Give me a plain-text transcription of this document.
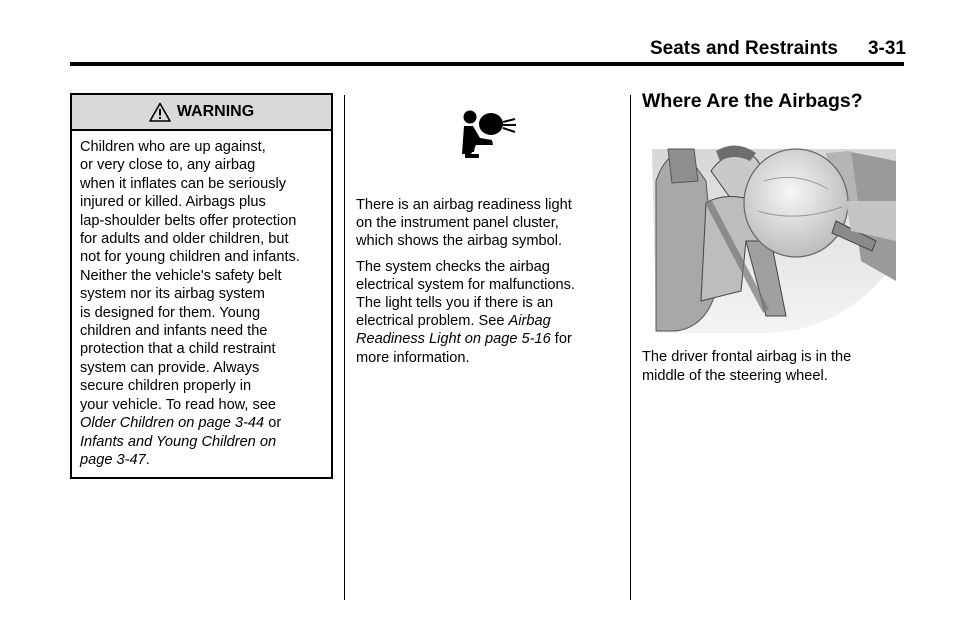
Seats and Restraints 3-31
WARNING
Children who are up against,
or very close to, any airbag
when it inflates can be seriously
injured or killed. Airbags plus
lap-shoulder belts offer protection
for adults and older children, but
not for young children and infants.
Neither the vehicle's safety belt
system nor its airbag system
is designed for them. Young
children and infants need the
protection that a child restraint
system can provide. Always
secure children properly in
your vehicle. To read how, see
Older Children on page 3-44 or
Infants and Young Children on
page 3-47.

There is an airbag readiness light
on the instrument panel cluster,
which shows the airbag symbol.

The system checks the airbag
electrical system for malfunctions.
The light tells you if there is an
electrical problem. See Airbag
Readiness Light on page 5-16 for
more information.

Where Are the Airbags?
The driver frontal airbag is in the
middle of the steering wheel.
